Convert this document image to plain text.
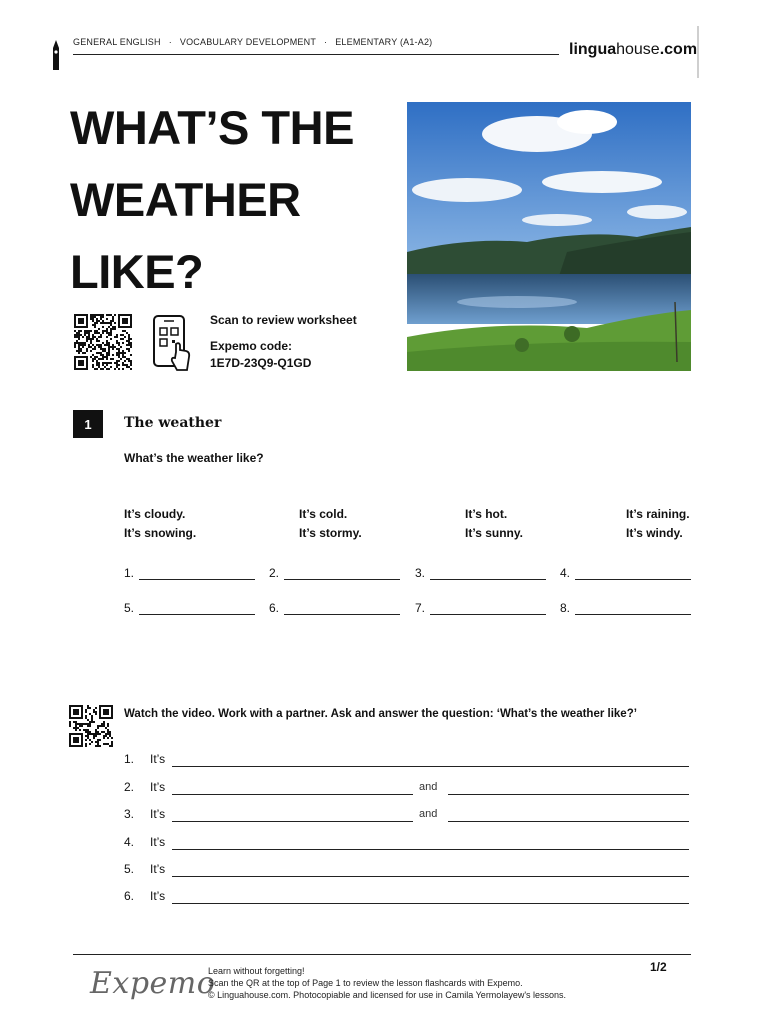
GENERAL ENGLISH · VOCABULARY DEVELOPMENT · ELEMENTARY (A1-A2)	linguahouse.com
WHAT’S THE
WEATHER
LIKE?
Scan to review worksheet
Expemo code:
1E7D-23Q9-Q1GD
1	The weather
What’s the weather like?
It’s cloudy.	It’s cold.	It’s hot.	It’s raining.
It’s snowing.	It’s stormy.	It’s sunny.	It’s windy.
1.	2.	3.	4.
5.	6.	7.	8.
Watch the video. Work with a partner. Ask and answer the question: ‘What’s the weather like?’
1. It’s
2. It’s	and
3. It’s	and
4. It’s
5. It’s
6. It’s
Expemo
Learn without forgetting!
Scan the QR at the top of Page 1 to review the lesson flashcards with Expemo.
© Linguahouse.com. Photocopiable and licensed for use in Camila Yermolayew's lessons.
1/2
